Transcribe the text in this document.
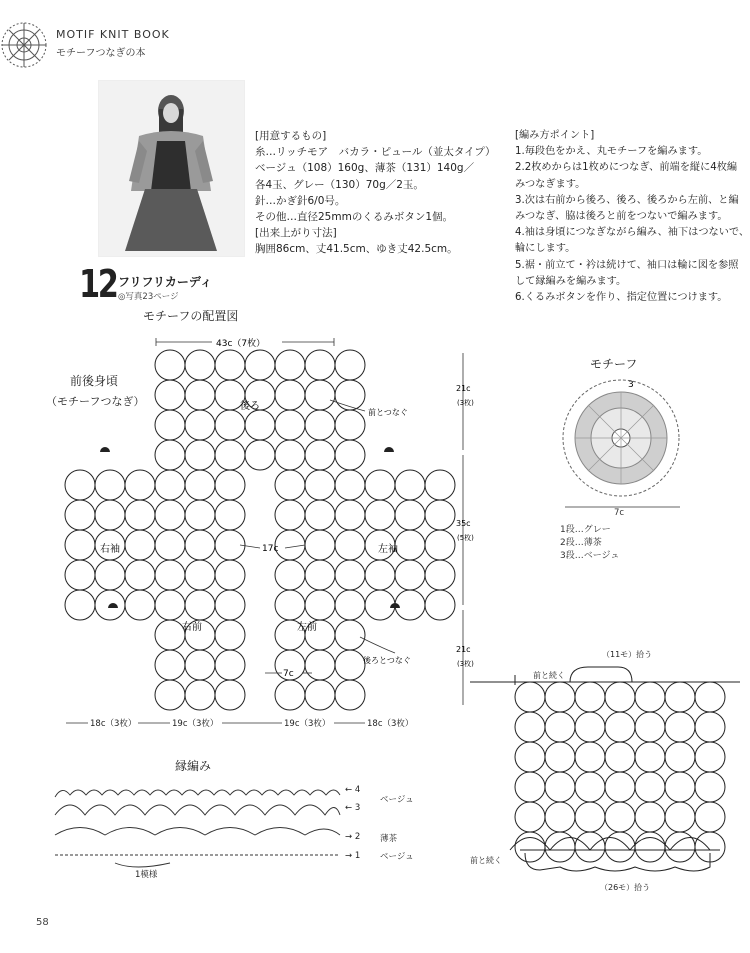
MOTIF KNIT BOOK
モチーフつなぎの本
[用意するもの]
糸…リッチモア　バカラ・ピュール（並太タイプ）
ベージュ（108）160g、薄茶（131）140g／
各4玉、グレー（130）70g／2玉。
針…かぎ針6/0号。
その他…直径25mmのくるみボタン1個。
[出来上がり寸法]
胸囲86cm、丈41.5cm、ゆき丈42.5cm。
[編み方ポイント]
1.毎段色をかえ、丸モチーフを編みます。
2.2枚めからは1枚めにつなぎ、前端を縦に4枚編
みつなぎます。
3.次は右前から後ろ、後ろ、後ろから左前、と編
みつなぎ、脇は後ろと前をつないで編みます。
4.袖は身頃につなぎながら編み、袖下はつないで、
輪にします。
5.裾・前立て・衿は続けて、袖口は輪に図を参照
して縁編みを編みます。
6.くるみボタンを作り、指定位置につけます。
12 フリフリカーディ
◎写真23ページ
モチーフの配置図
前後身頃
（モチーフつなぎ）
43c（7枚）
後ろ
右袖	左袖
右前	左前
17c
7c
前とつなぐ
後ろとつなぐ
21c
(3枚)
35c
(5枚)
21c
(3枚)
18c（3枚）	19c（3枚）	19c（3枚）	18c（3枚）
モチーフ
3
7c
1段…グレー
2段…薄茶
3段…ベージュ
縁編み
← 4
← 3
→ 2
→ 1
ベージュ
薄茶
ベージュ
1模様
（11モ）拾う
前と続く
前と続く
（26モ）拾う
58
